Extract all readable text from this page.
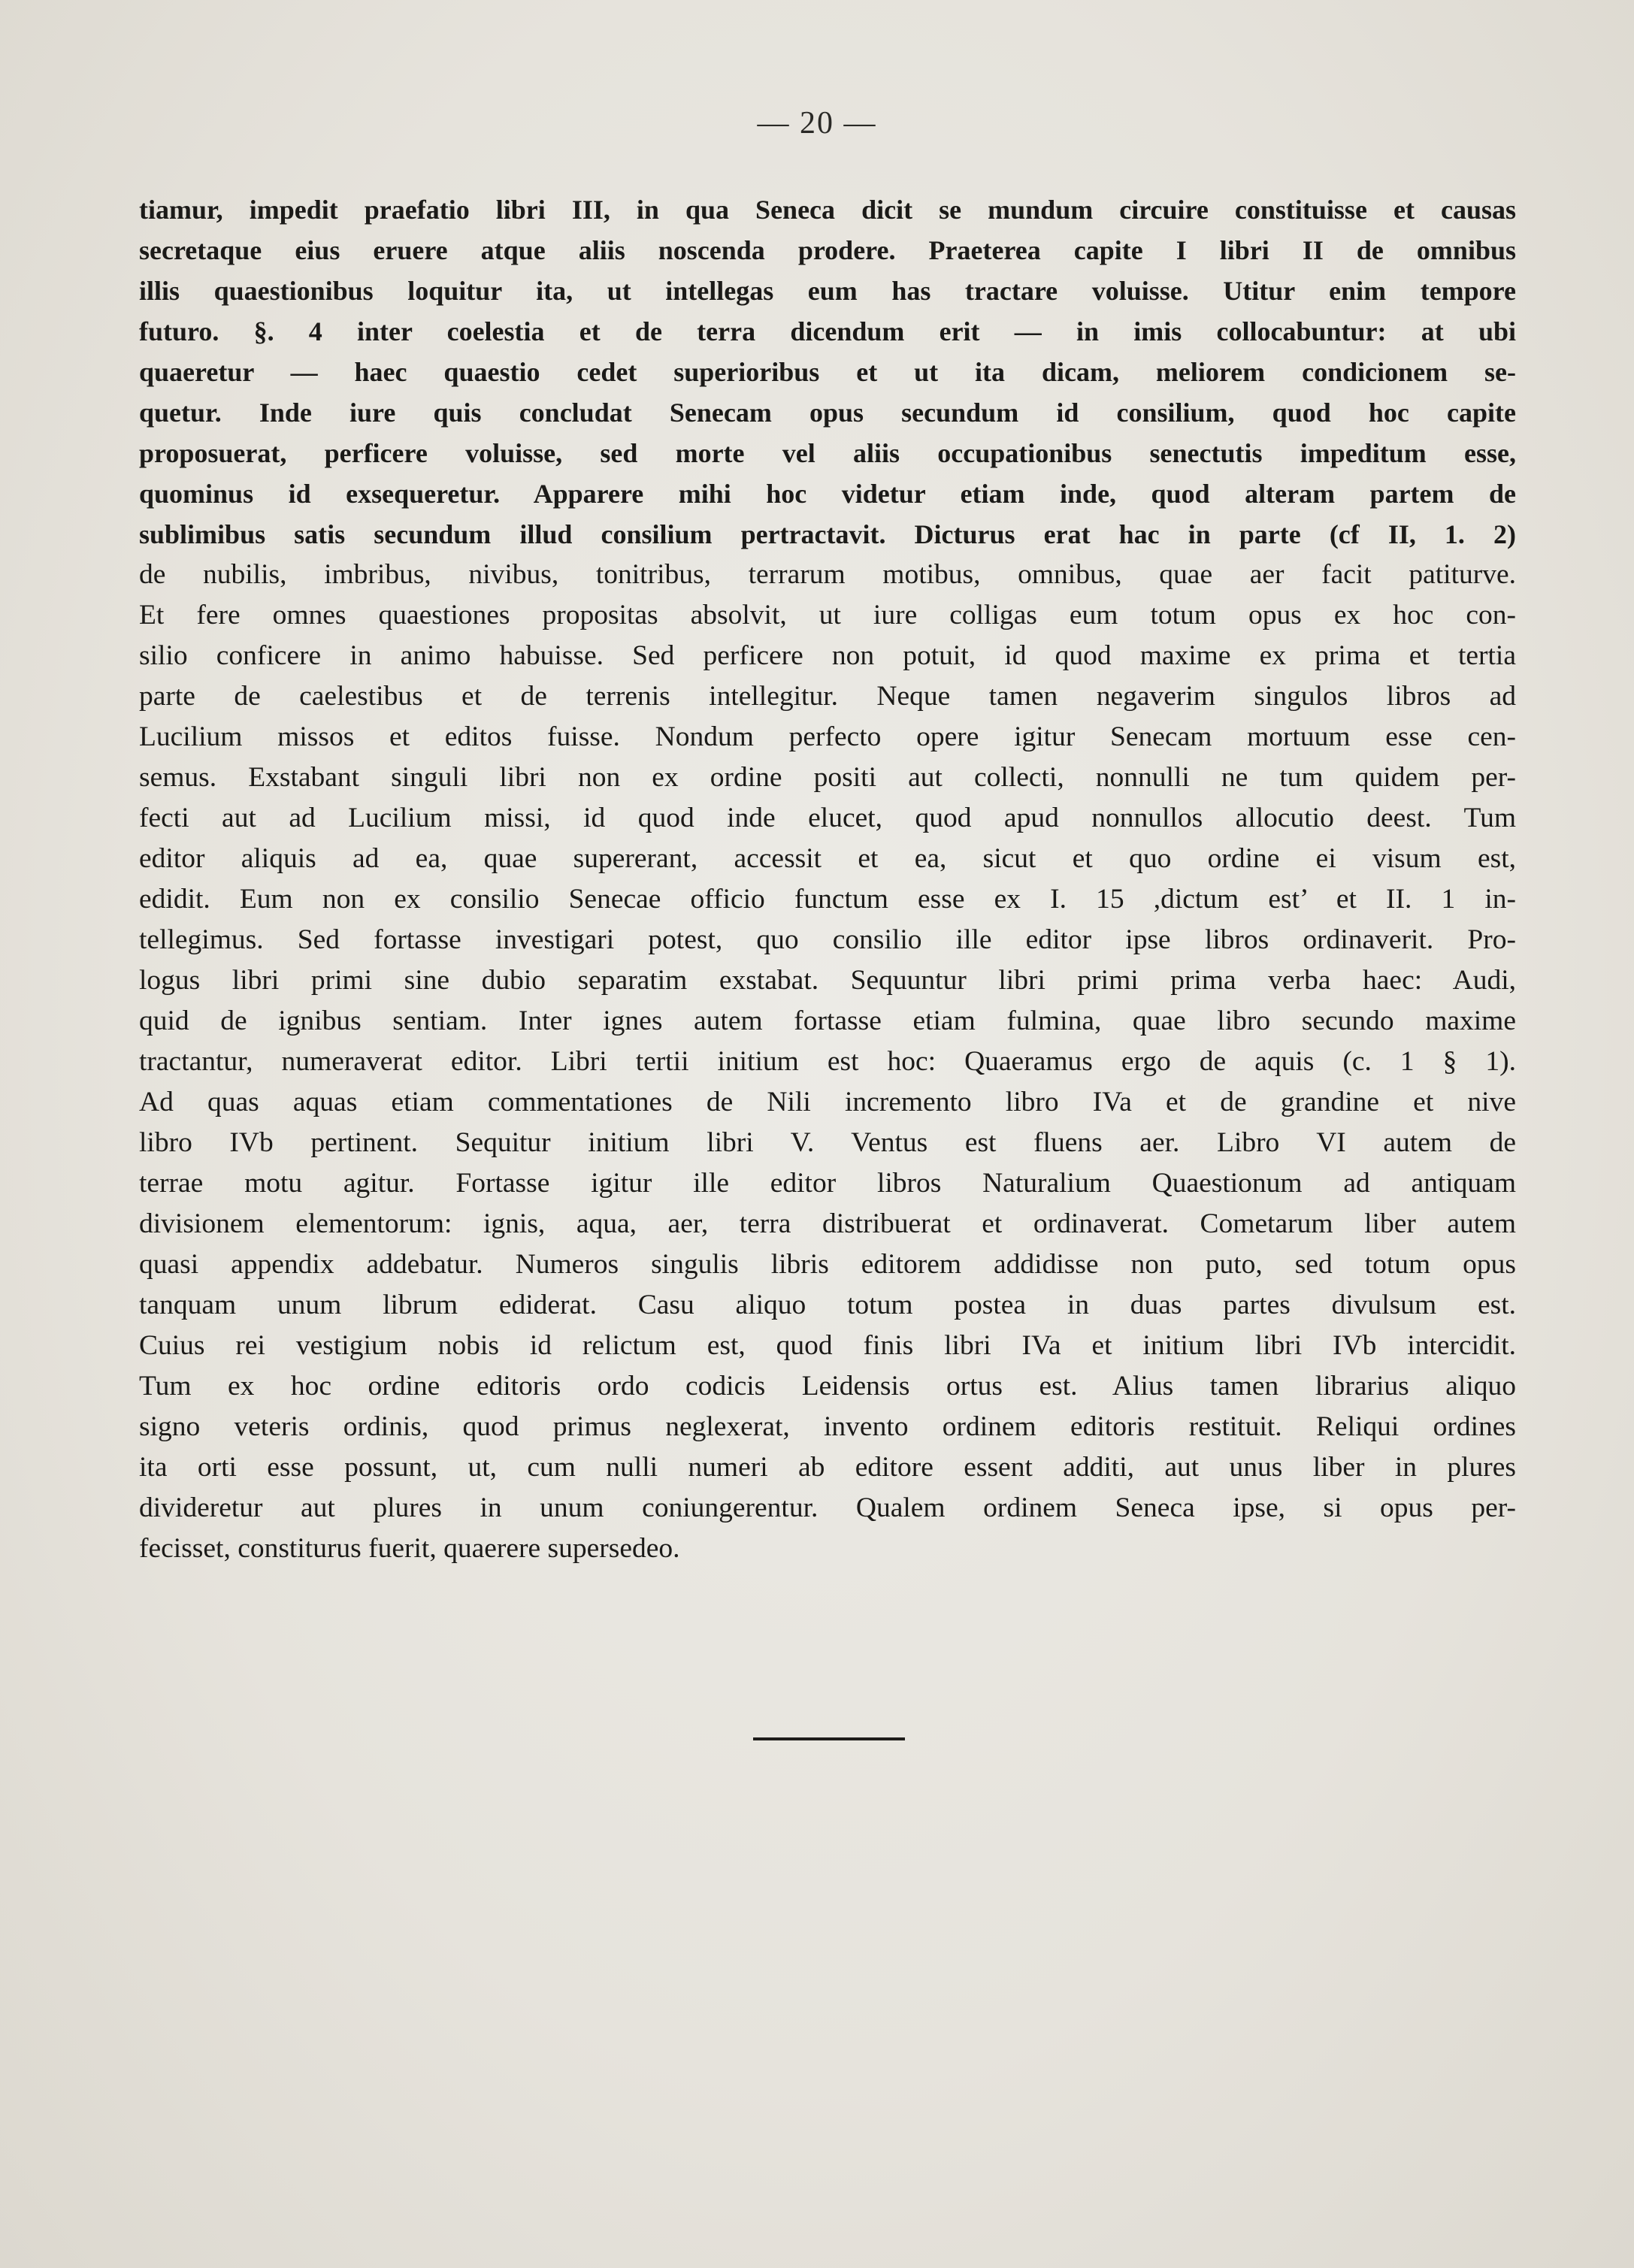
— 20 —
tiamur, impedit praefatio libri III, in qua Seneca dicit se mundum circuire constituisse et causas
secretaque eius eruere atque aliis noscenda prodere. Praeterea capite I libri II de omnibus
illis quaestionibus loquitur ita, ut intellegas eum has tractare voluisse. Utitur enim tempore
futuro. §. 4 inter coelestia et de terra dicendum erit — in imis collocabuntur: at ubi
quaeretur — haec quaestio cedet superioribus et ut ita dicam, meliorem condicionem se-
quetur. Inde iure quis concludat Senecam opus secundum id consilium, quod hoc capite
proposuerat, perficere voluisse, sed morte vel aliis occupationibus senectutis impeditum esse,
quominus id exsequeretur. Apparere mihi hoc videtur etiam inde, quod alteram partem de
sublimibus satis secundum illud consilium pertractavit. Dicturus erat hac in parte (cf II, 1. 2)
de nubilis, imbribus, nivibus, tonitribus, terrarum motibus, omnibus, quae aer facit patiturve.
Et fere omnes quaestiones propositas absolvit, ut iure colligas eum totum opus ex hoc con-
silio conficere in animo habuisse. Sed perficere non potuit, id quod maxime ex prima et tertia
parte de caelestibus et de terrenis intellegitur. Neque tamen negaverim singulos libros ad
Lucilium missos et editos fuisse. Nondum perfecto opere igitur Senecam mortuum esse cen-
semus. Exstabant singuli libri non ex ordine positi aut collecti, nonnulli ne tum quidem per-
fecti aut ad Lucilium missi, id quod inde elucet, quod apud nonnullos allocutio deest. Tum
editor aliquis ad ea, quae supererant, accessit et ea, sicut et quo ordine ei visum est,
edidit. Eum non ex consilio Senecae officio functum esse ex I. 15 ,dictum est’ et II. 1 in-
tellegimus. Sed fortasse investigari potest, quo consilio ille editor ipse libros ordinaverit. Pro-
logus libri primi sine dubio separatim exstabat. Sequuntur libri primi prima verba haec: Audi,
quid de ignibus sentiam. Inter ignes autem fortasse etiam fulmina, quae libro secundo maxime
tractantur, numeraverat editor. Libri tertii initium est hoc: Quaeramus ergo de aquis (c. 1 § 1).
Ad quas aquas etiam commentationes de Nili incremento libro IVa et de grandine et nive
libro IVb pertinent. Sequitur initium libri V. Ventus est fluens aer. Libro VI autem de
terrae motu agitur. Fortasse igitur ille editor libros Naturalium Quaestionum ad antiquam
divisionem elementorum: ignis, aqua, aer, terra distribuerat et ordinaverat. Cometarum liber autem
quasi appendix addebatur. Numeros singulis libris editorem addidisse non puto, sed totum opus
tanquam unum librum ediderat. Casu aliquo totum postea in duas partes divulsum est.
Cuius rei vestigium nobis id relictum est, quod finis libri IVa et initium libri IVb intercidit.
Tum ex hoc ordine editoris ordo codicis Leidensis ortus est. Alius tamen librarius aliquo
signo veteris ordinis, quod primus neglexerat, invento ordinem editoris restituit. Reliqui ordines
ita orti esse possunt, ut, cum nulli numeri ab editore essent additi, aut unus liber in plures
divideretur aut plures in unum coniungerentur. Qualem ordinem Seneca ipse, si opus per-
fecisset, constiturus fuerit, quaerere supersedeo.
